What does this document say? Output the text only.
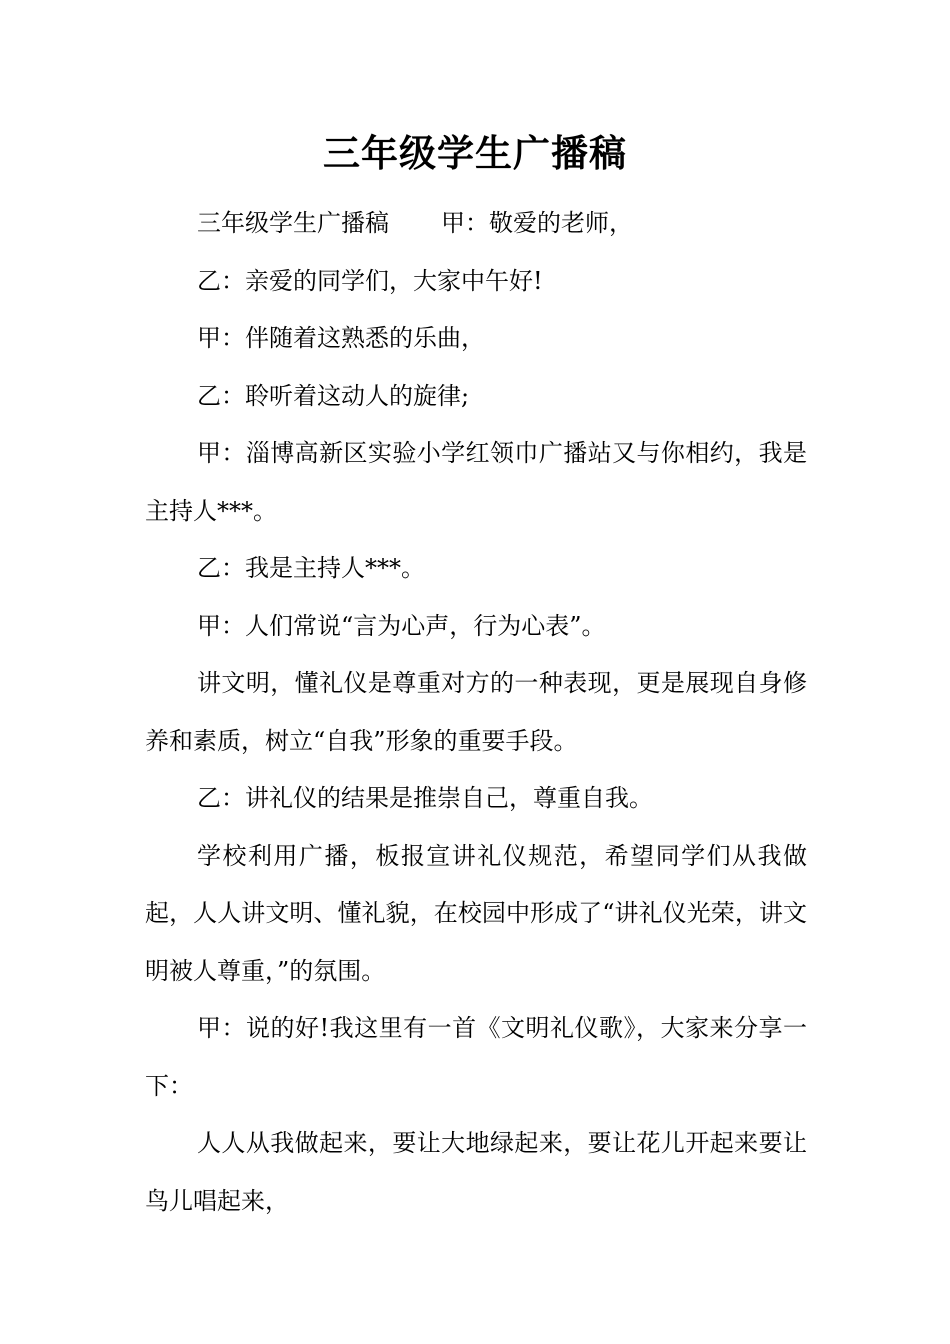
三年级学生广播稿

三年级学生广播稿 甲：敬爱的老师，

乙：亲爱的同学们，大家中午好!

甲：伴随着这熟悉的乐曲，

乙：聆听着这动人的旋律;

甲：淄博高新区实验小学红领巾广播站又与你相约，我是主持人***。

乙：我是主持人***。

甲：人们常说“言为心声，行为心表”。

讲文明，懂礼仪是尊重对方的一种表现，更是展现自身修养和素质，树立“自我”形象的重要手段。

乙：讲礼仪的结果是推崇自己，尊重自我。

学校利用广播，板报宣讲礼仪规范，希望同学们从我做起，人人讲文明、懂礼貌，在校园中形成了“讲礼仪光荣，讲文明被人尊重，”的氛围。

甲：说的好!我这里有一首《文明礼仪歌》，大家来分享一下：

人人从我做起来，要让大地绿起来，要让花儿开起来要让鸟儿唱起来，
